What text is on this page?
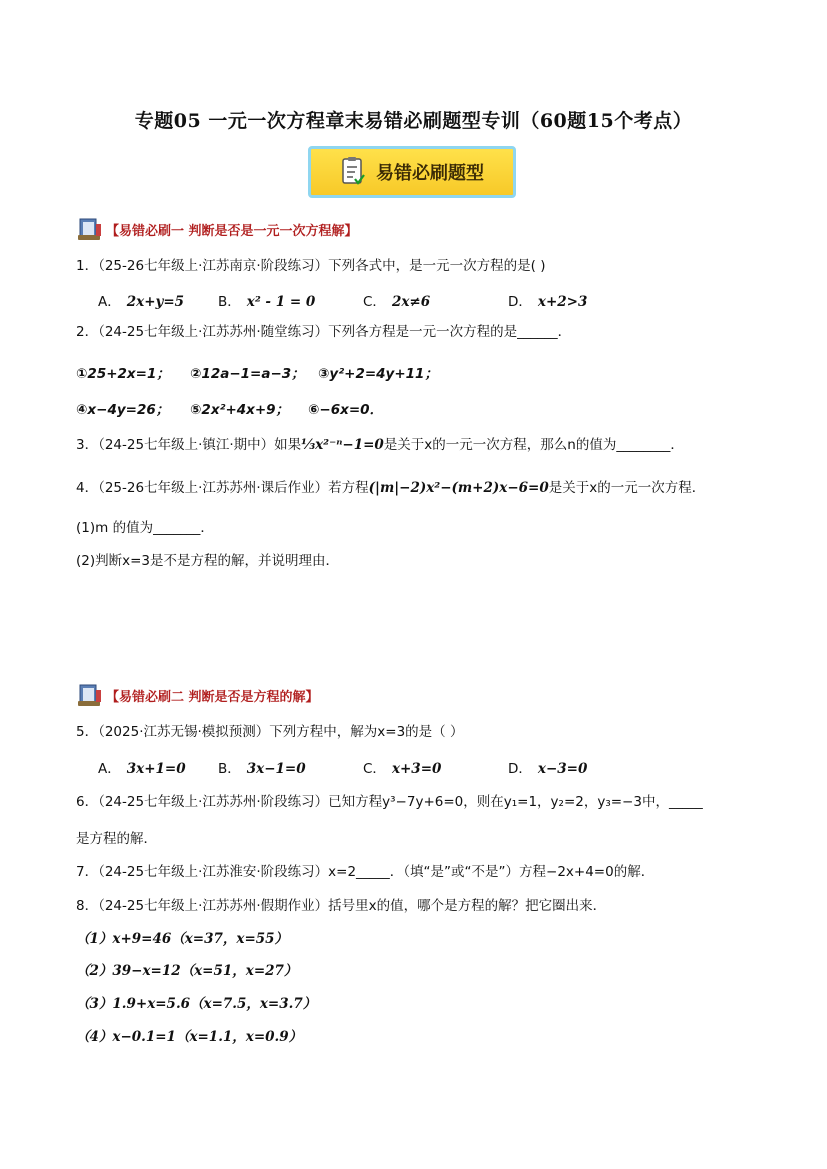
专题05 一元一次方程章末易错必刷题型专训（60题15个考点）
易错必刷题型
【易错必刷一 判断是否是一元一次方程解】
1．（25-26七年级上·江苏南京·阶段练习）下列各式中，是一元一次方程的是( )
A． 2x+y=5	B． x² - 1 = 0	C． 2x≠6	D． x+2>3
2．（24-25七年级上·江苏苏州·随堂练习）下列各方程是一元一次方程的是______．
①25+2x=1； ②12a−1=a−3； ③y²+2=4y+11；
④x−4y=26； ⑤2x²+4x+9； ⑥−6x=0．
3．（24-25七年级上·镇江·期中）如果⅓x²⁻ⁿ−1=0是关于x的一元一次方程，那么n的值为________．
4．（25-26七年级上·江苏苏州·课后作业）若方程(|m|−2)x²−(m+2)x−6=0是关于x的一元一次方程．
(1)m 的值为_______．
(2)判断x=3是不是方程的解，并说明理由．
【易错必刷二 判断是否是方程的解】
5．（2025·江苏无锡·模拟预测）下列方程中，解为x=3的是（ ）
A． 3x+1=0 B． 3x−1=0	C． x+3=0	D． x−3=0
6．（24-25七年级上·江苏苏州·阶段练习）已知方程y³−7y+6=0，则在y₁=1，y₂=2，y₃=−3中，_____
是方程的解．
7．（24-25七年级上·江苏淮安·阶段练习）x=2_____．（填“是”或“不是”）方程−2x+4=0的解．
8．（24-25七年级上·江苏苏州·假期作业）括号里x的值，哪个是方程的解？把它圈出来．
（1）x+9=46（x=37，x=55）
（2）39−x=12（x=51，x=27）
（3）1.9+x=5.6（x=7.5，x=3.7）
（4）x−0.1=1（x=1.1，x=0.9）
